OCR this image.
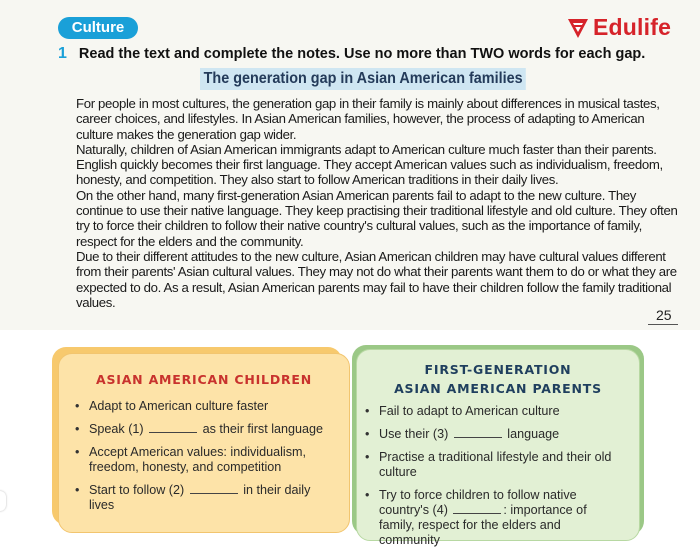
Culture	Edulife
1 Read the text and complete the notes. Use no more than TWO words for each gap.
The generation gap in Asian American families

For people in most cultures, the generation gap in their family is mainly about differences in musical tastes, career choices, and lifestyles. In Asian American families, however, the process of adapting to American culture makes the generation gap wider.

Naturally, children of Asian American immigrants adapt to American culture much faster than their parents. English quickly becomes their first language. They accept American values such as individualism, freedom, honesty, and competition. They also start to follow American traditions in their daily lives.

On the other hand, many first-generation Asian American parents fail to adapt to the new culture. They continue to use their native language. They keep practising their traditional lifestyle and old culture. They often try to force their children to follow their native country's cultural values, such as the importance of family, respect for the elders and the community.

Due to their different attitudes to the new culture, Asian American children may have cultural values different from their parents' Asian cultural values. They may not do what their parents want them to do or what they are expected to do. As a result, Asian American parents may fail to have their children follow the family traditional values.

25
ASIAN AMERICAN CHILDREN
• Adapt to American culture faster
• Speak (1)	as their first language
• Accept American values: individualism, freedom, honesty, and competition
• Start to follow (2)	in their daily lives
FIRST-GENERATION
ASIAN AMERICAN PARENTS
• Fail to adapt to American culture
• Use their (3)	language
• Practise a traditional lifestyle and their old culture
• Try to force children to follow native country's (4)	: importance of family, respect for the elders and community
